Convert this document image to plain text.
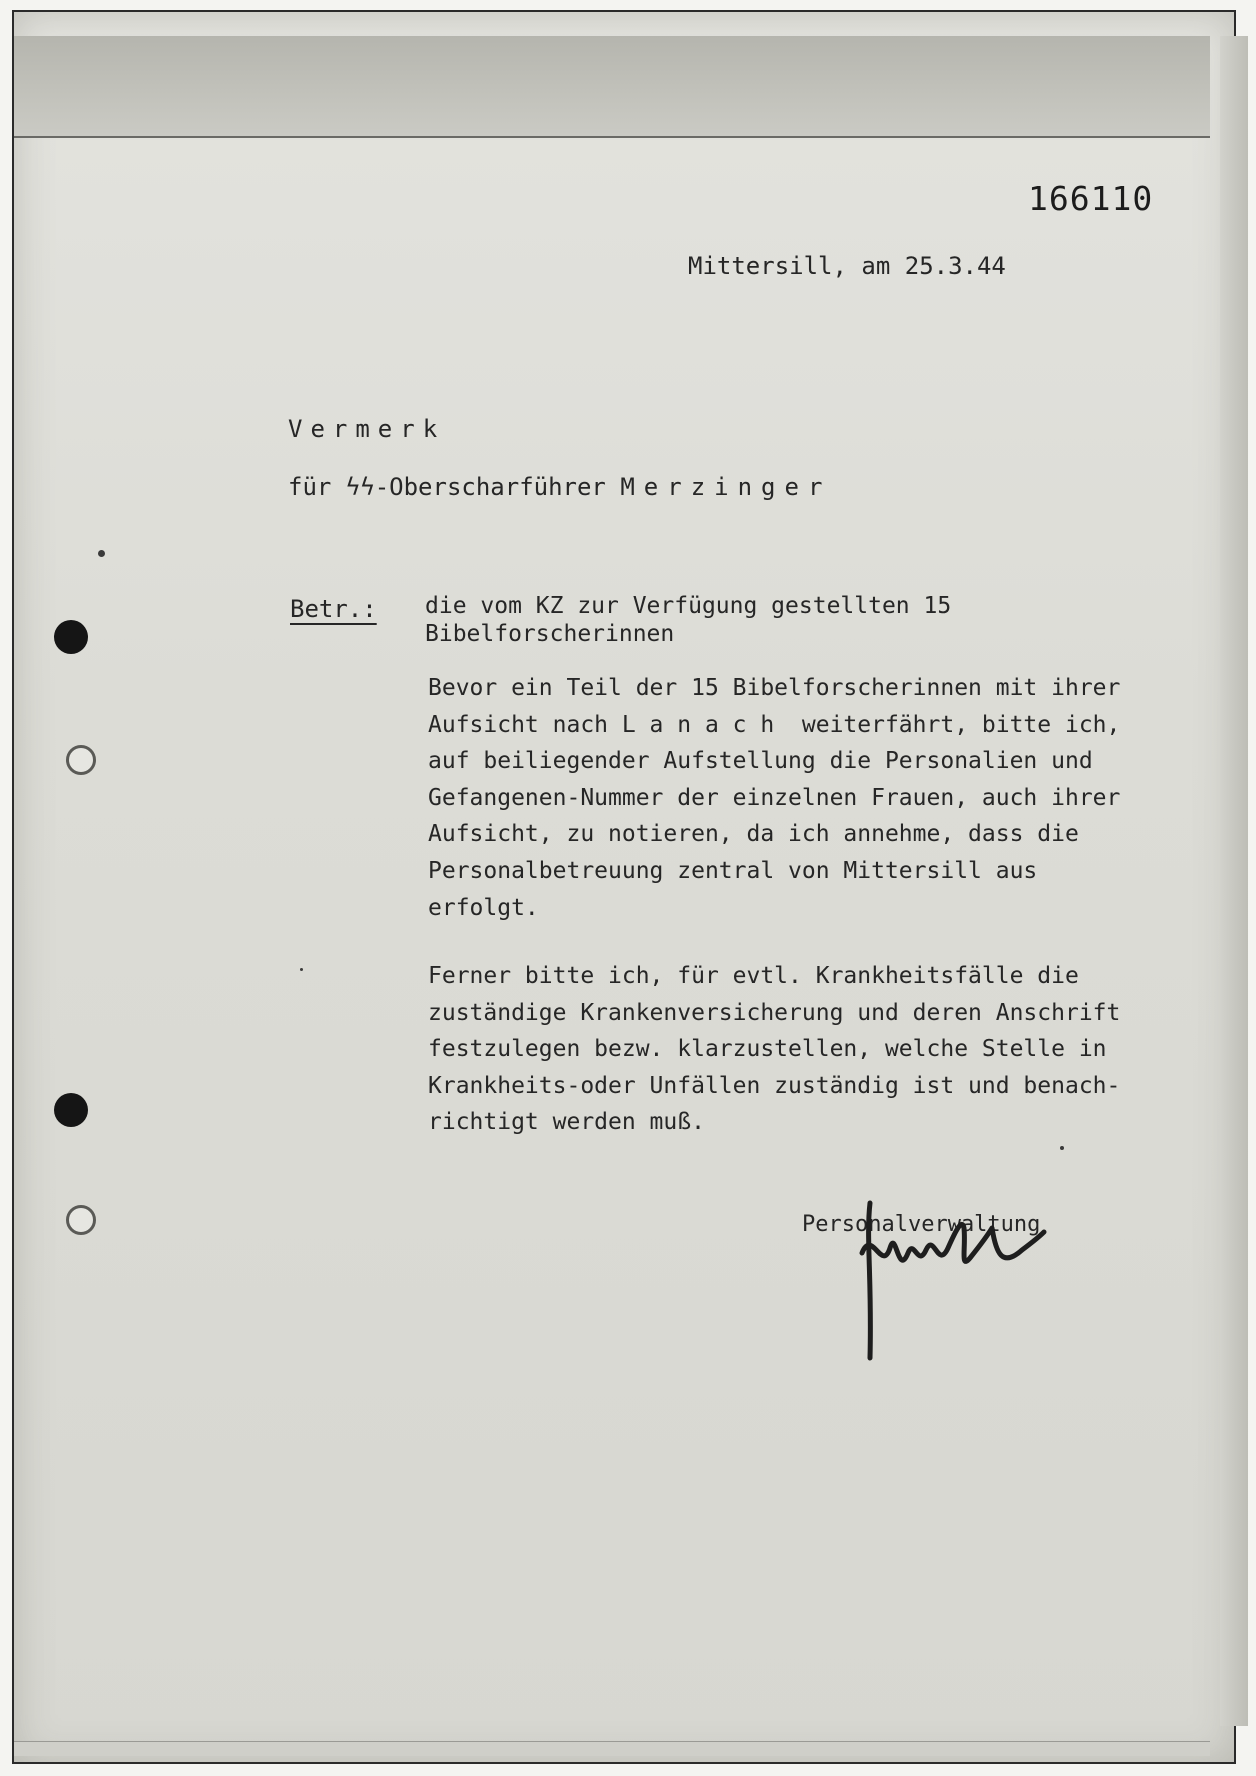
166110
Mittersill, am 25.3.44
Vermerk
für ϟϟ-Oberscharführer Merzinger
Betr.: die vom KZ zur Verfügung gestellten 15
Bibelforscherinnen
Bevor ein Teil der 15 Bibelforscherinnen mit ihrer
Aufsicht nach L a n a c h  weiterfährt, bitte ich,
auf beiliegender Aufstellung die Personalien und
Gefangenen-Nummer der einzelnen Frauen, auch ihrer
Aufsicht, zu notieren, da ich annehme, dass die
Personalbetreuung zentral von Mittersill aus
erfolgt.
Ferner bitte ich, für evtl. Krankheitsfälle die
zuständige Krankenversicherung und deren Anschrift
festzulegen bezw. klarzustellen, welche Stelle in
Krankheits-oder Unfällen zuständig ist und benach-
richtigt werden muß.
Personalverwaltung
